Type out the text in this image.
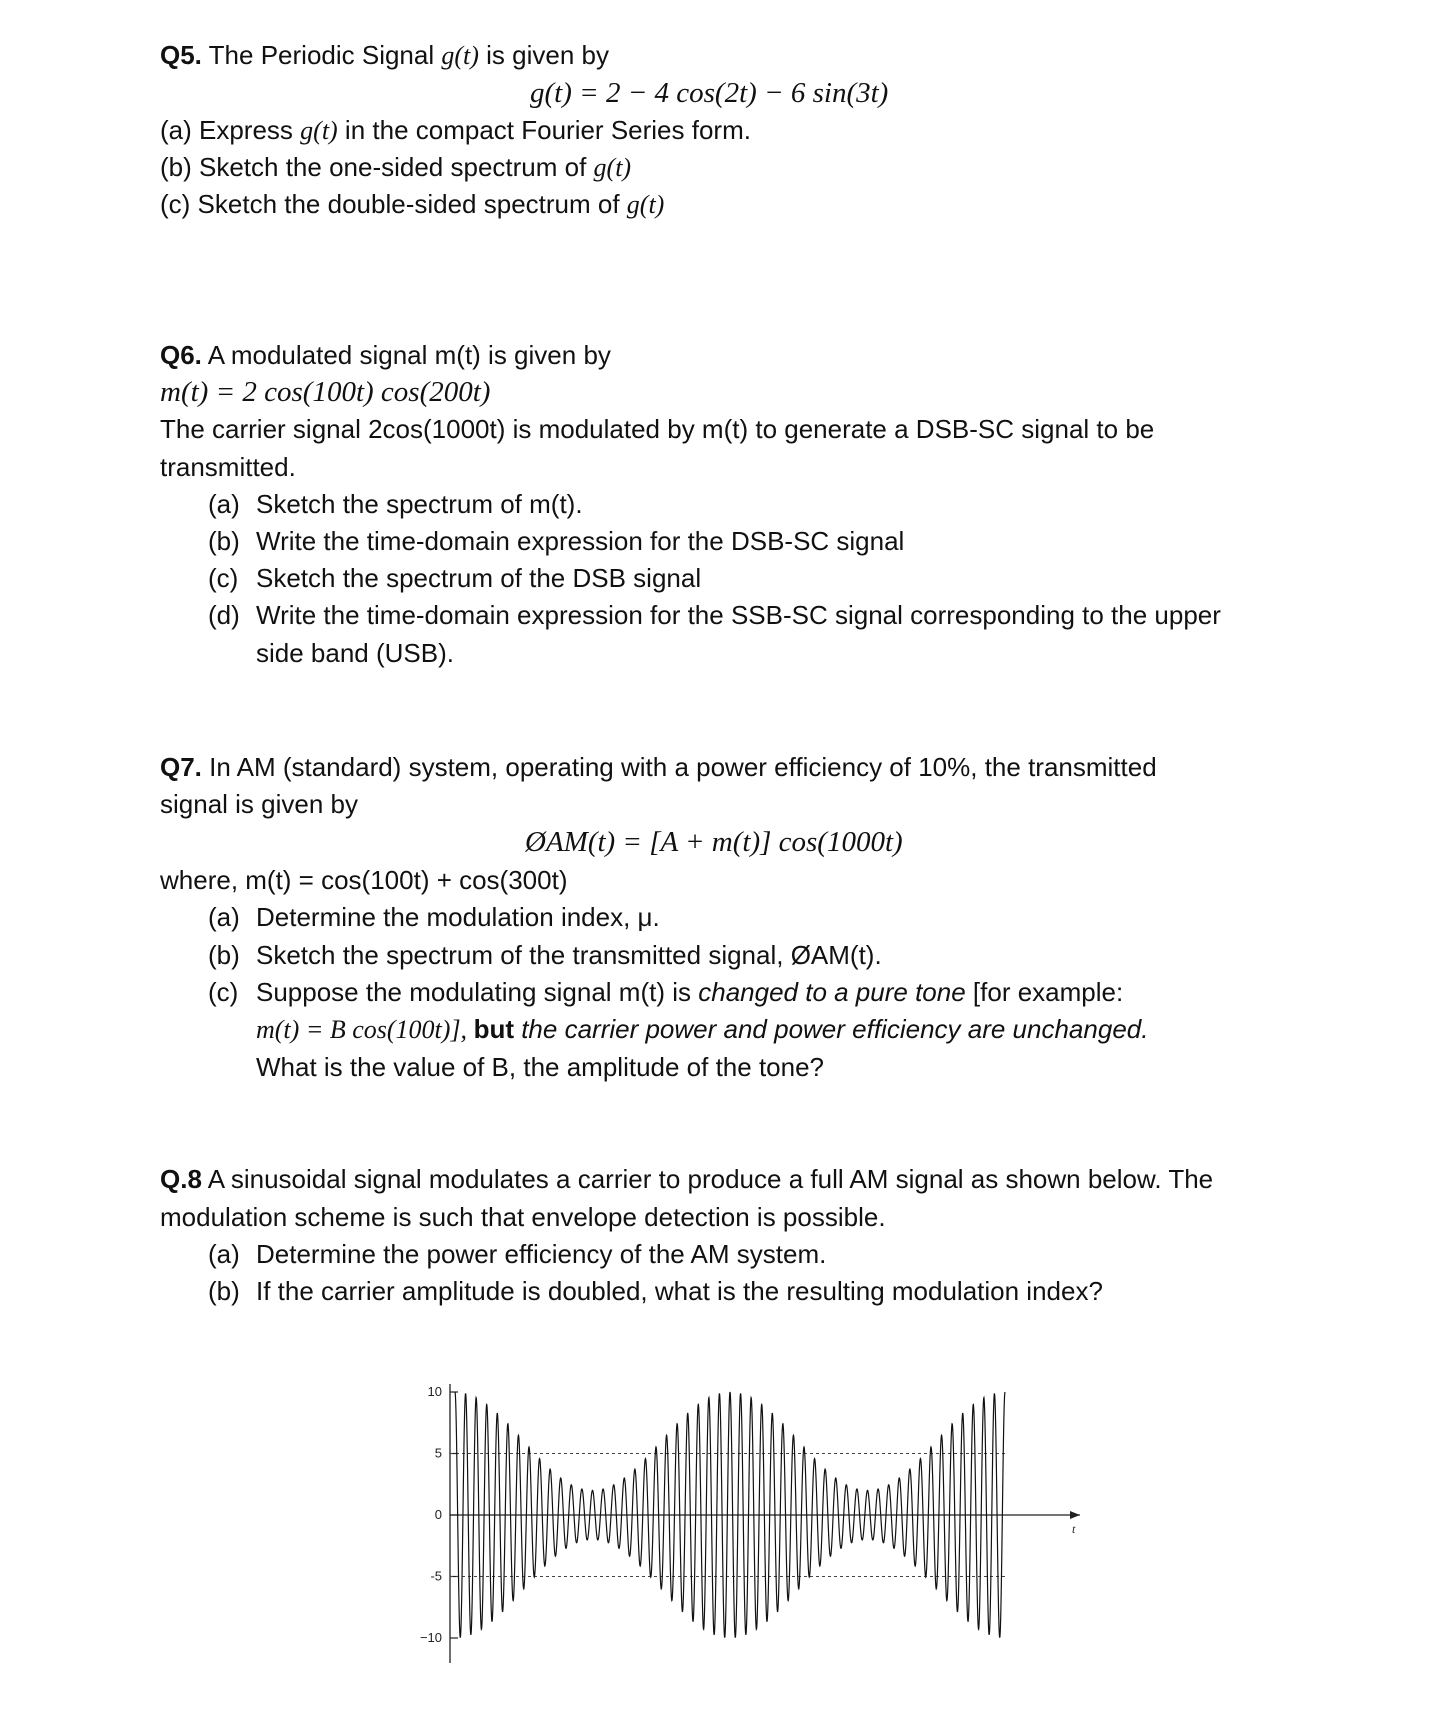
Q5. The Periodic Signal g(t) is given by
g(t) = 2 − 4 cos(2t) − 6 sin(3t)
(a) Express g(t) in the compact Fourier Series form.
(b) Sketch the one-sided spectrum of g(t)
(c) Sketch the double-sided spectrum of g(t)
Q6. A modulated signal m(t) is given by
m(t) = 2 cos(100t) cos(200t)
The carrier signal 2cos(1000t) is modulated by m(t) to generate a DSB-SC signal to be
transmitted.
(a) Sketch the spectrum of m(t).
(b) Write the time-domain expression for the DSB-SC signal
(c) Sketch the spectrum of the DSB signal
(d) Write the time-domain expression for the SSB-SC signal corresponding to the upper
side band (USB).
Q7. In AM (standard) system, operating with a power efficiency of 10%, the transmitted
signal is given by
ØAM(t) = [A + m(t)] cos(1000t)
where, m(t) = cos(100t) + cos(300t)
(a) Determine the modulation index, μ.
(b) Sketch the spectrum of the transmitted signal, ØAM(t).
(c) Suppose the modulating signal m(t) is changed to a pure tone [for example:
m(t) = B cos(100t)], but the carrier power and power efficiency are unchanged.
What is the value of B, the amplitude of the tone?
Q.8 A sinusoidal signal modulates a carrier to produce a full AM signal as shown below. The
modulation scheme is such that envelope detection is possible.
(a) Determine the power efficiency of the AM system.
(b) If the carrier amplitude is doubled, what is the resulting modulation index?
t
10
5
0
-5
−10
